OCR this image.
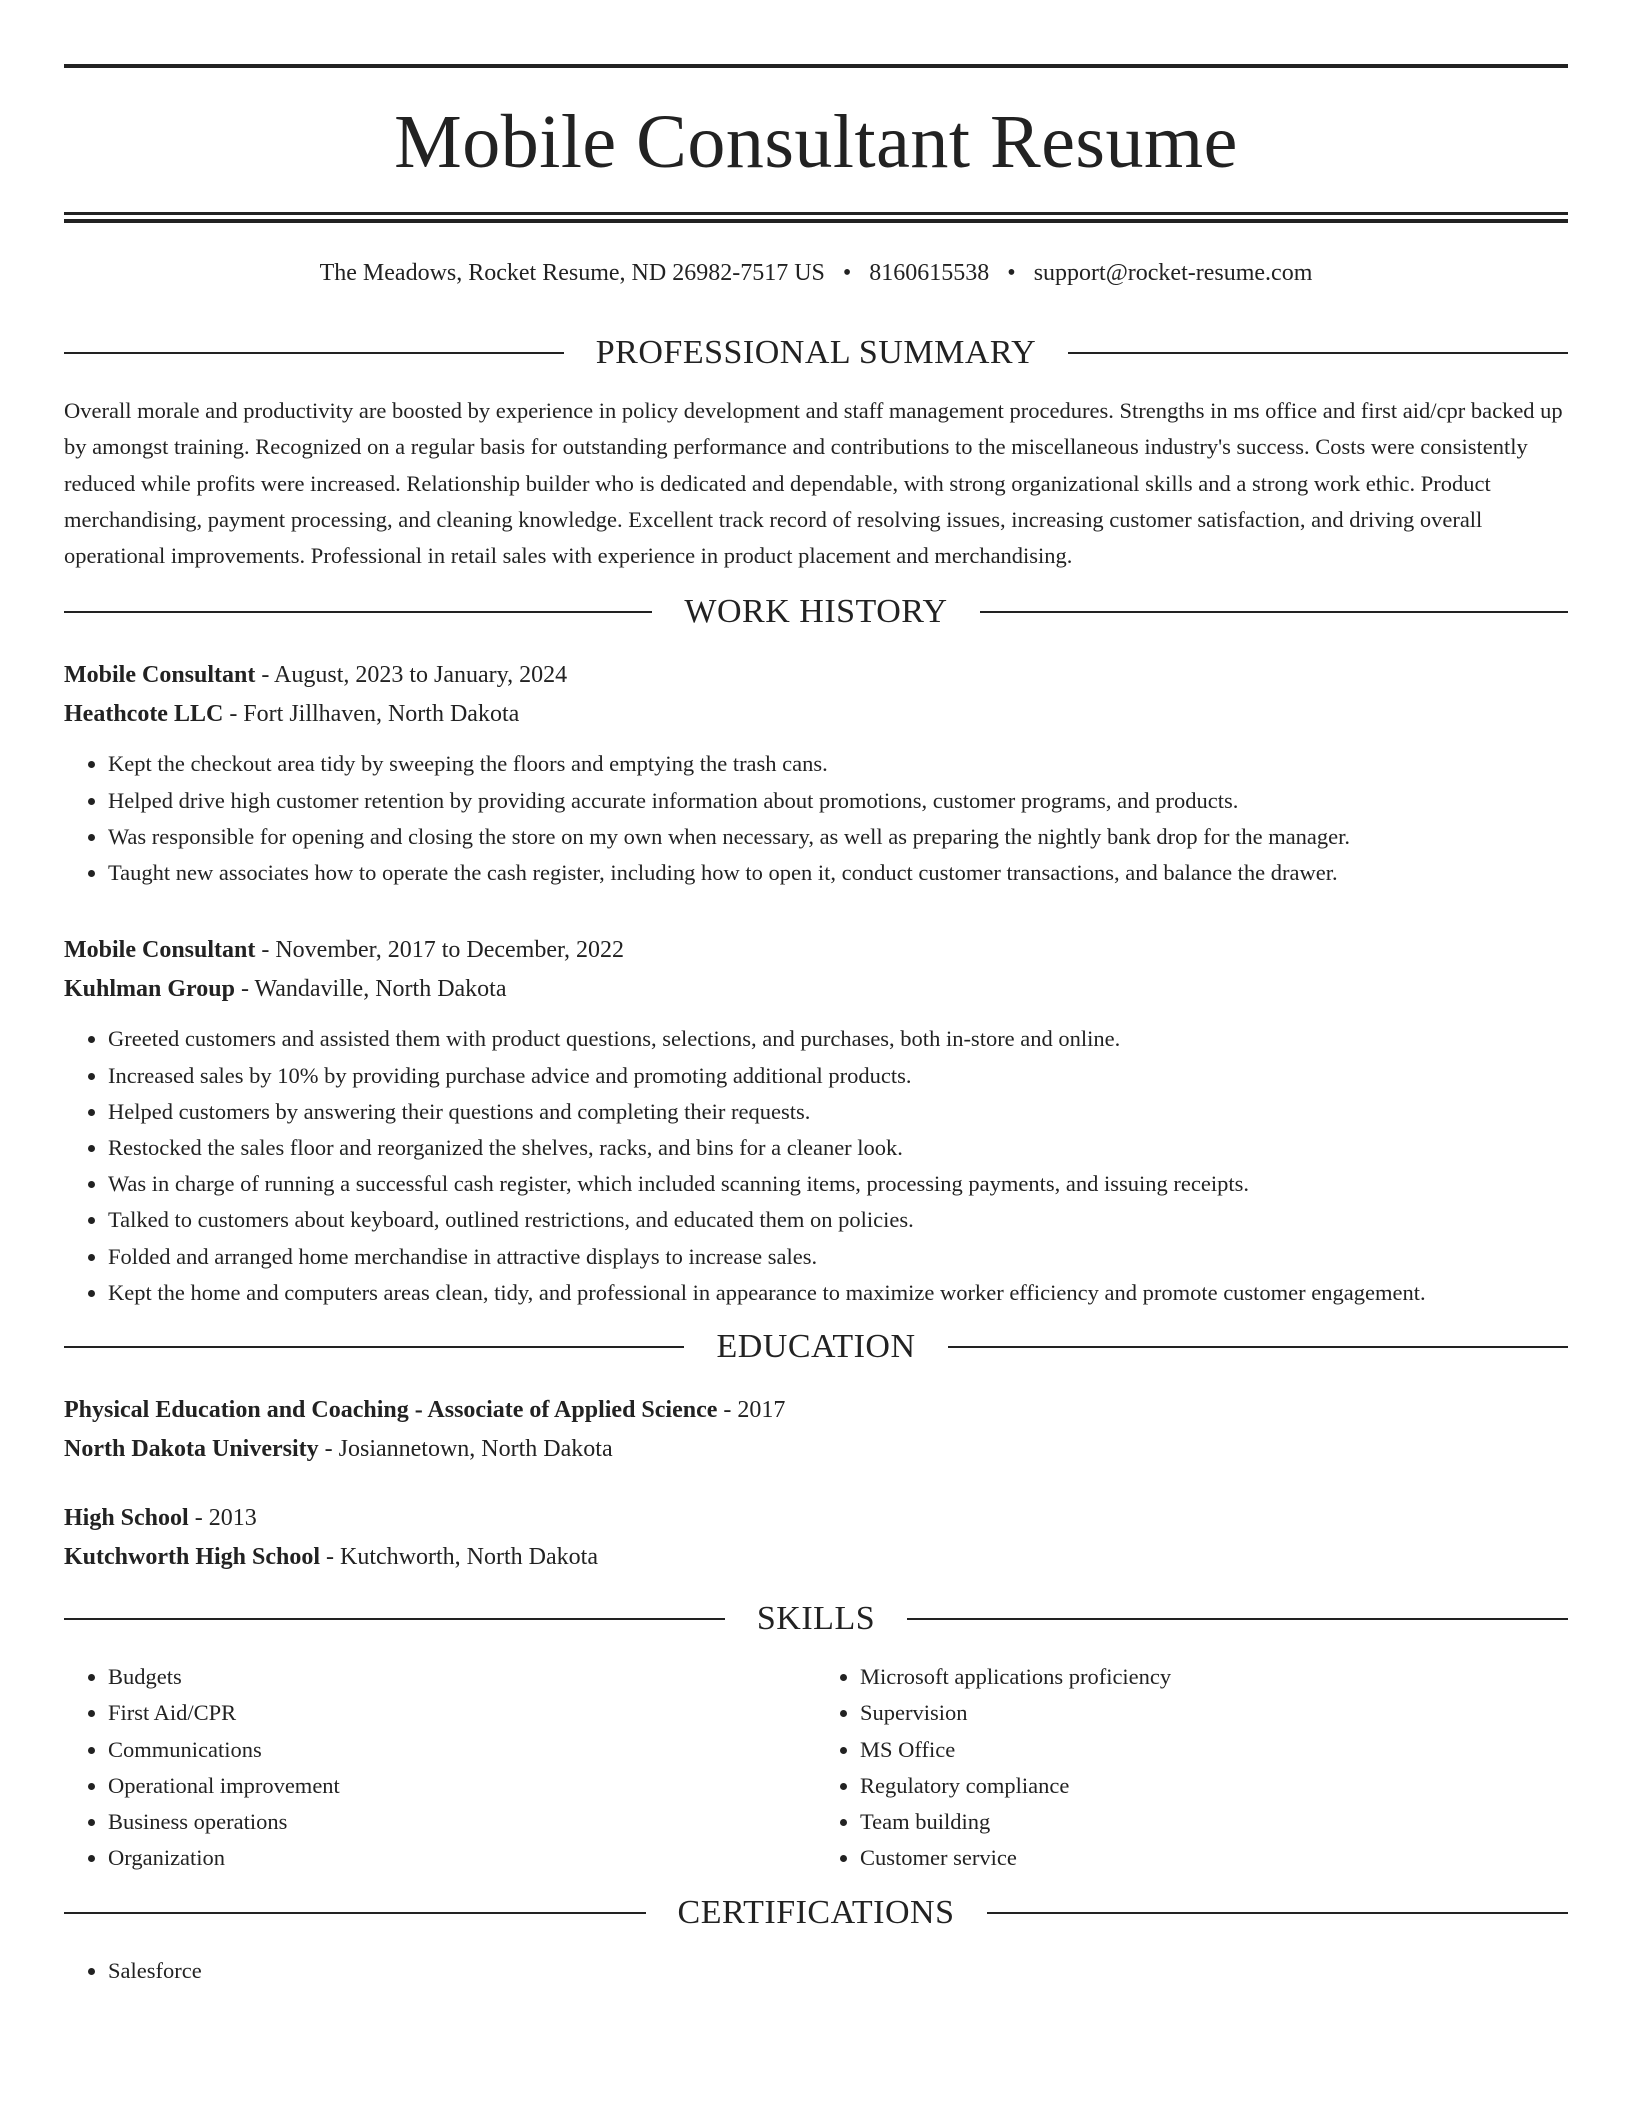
Mobile Consultant Resume
The Meadows, Rocket Resume, ND 26982-7517 US • 8160615538 • support@rocket-resume.com
PROFESSIONAL SUMMARY
Overall morale and productivity are boosted by experience in policy development and staff management procedures. Strengths in ms office and first aid/cpr backed up by amongst training. Recognized on a regular basis for outstanding performance and contributions to the miscellaneous industry's success. Costs were consistently reduced while profits were increased. Relationship builder who is dedicated and dependable, with strong organizational skills and a strong work ethic. Product merchandising, payment processing, and cleaning knowledge. Excellent track record of resolving issues, increasing customer satisfaction, and driving overall operational improvements. Professional in retail sales with experience in product placement and merchandising.
WORK HISTORY
Mobile Consultant - August, 2023 to January, 2024
Heathcote LLC - Fort Jillhaven, North Dakota
• Kept the checkout area tidy by sweeping the floors and emptying the trash cans.
• Helped drive high customer retention by providing accurate information about promotions, customer programs, and products.
• Was responsible for opening and closing the store on my own when necessary, as well as preparing the nightly bank drop for the manager.
• Taught new associates how to operate the cash register, including how to open it, conduct customer transactions, and balance the drawer.
Mobile Consultant - November, 2017 to December, 2022
Kuhlman Group - Wandaville, North Dakota
• Greeted customers and assisted them with product questions, selections, and purchases, both in-store and online.
• Increased sales by 10% by providing purchase advice and promoting additional products.
• Helped customers by answering their questions and completing their requests.
• Restocked the sales floor and reorganized the shelves, racks, and bins for a cleaner look.
• Was in charge of running a successful cash register, which included scanning items, processing payments, and issuing receipts.
• Talked to customers about keyboard, outlined restrictions, and educated them on policies.
• Folded and arranged home merchandise in attractive displays to increase sales.
• Kept the home and computers areas clean, tidy, and professional in appearance to maximize worker efficiency and promote customer engagement.
EDUCATION
Physical Education and Coaching - Associate of Applied Science - 2017
North Dakota University - Josiannetown, North Dakota
High School - 2013
Kutchworth High School - Kutchworth, North Dakota
SKILLS
• Budgets
• First Aid/CPR
• Communications
• Operational improvement
• Business operations
• Organization
• Microsoft applications proficiency
• Supervision
• MS Office
• Regulatory compliance
• Team building
• Customer service
CERTIFICATIONS
• Salesforce
